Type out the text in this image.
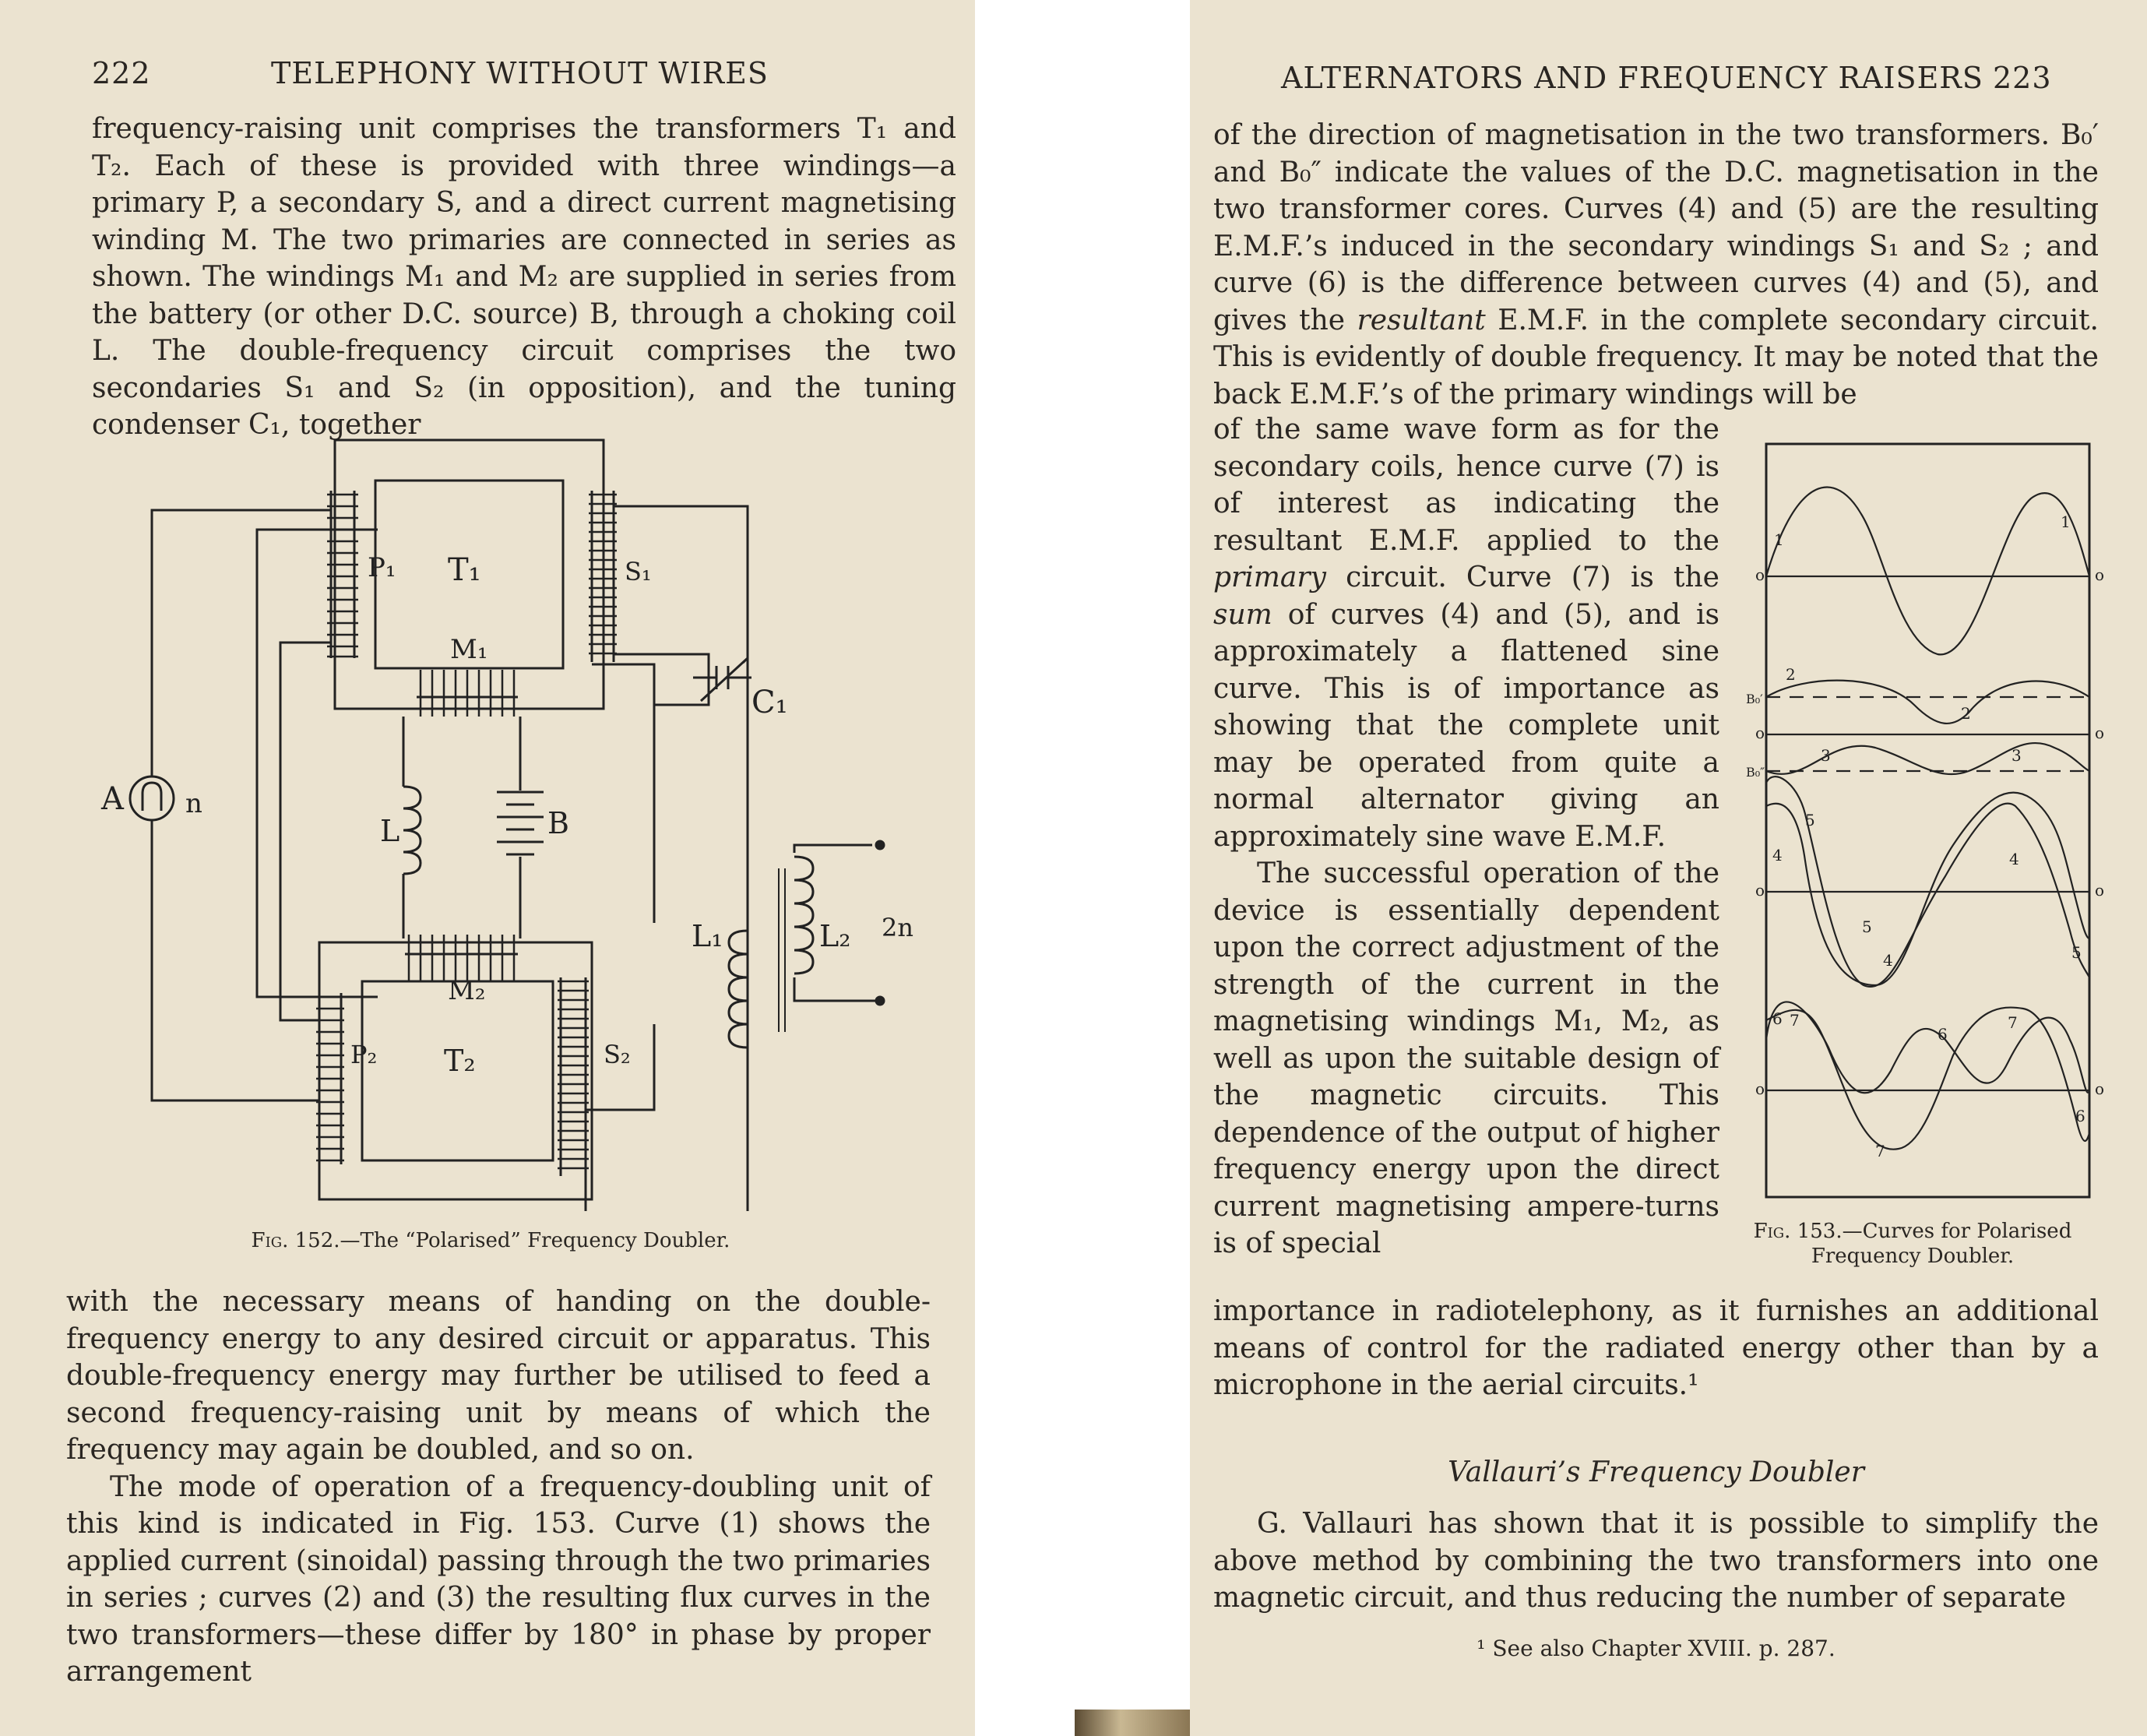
222	TELEPHONY WITHOUT WIRES

frequency-raising unit comprises the transformers T₁ and T₂. Each of these is provided with three windings—a primary P, a secondary S, and a direct current magnetising winding M. The two primaries are connected in series as shown. The windings M₁ and M₂ are supplied in series from the battery (or other D.C. source) B, through a choking coil L. The double-frequency circuit comprises the two secondaries S₁ and S₂ (in opposition), and the tuning condenser C₁, together

A n
P₁ T₁	S₁
M₁
C₁
L	B
L₁	L₂ 2n
M₂
P₂ T₂	S₂
Fig. 152.—The “Polarised” Frequency Doubler.

with the necessary means of handing on the double-frequency energy to any desired circuit or apparatus. This double-frequency energy may further be utilised to feed a second frequency-raising unit by means of which the frequency may again be doubled, and so on.

The mode of operation of a frequency-doubling unit of this kind is indicated in Fig. 153. Curve (1) shows the applied current (sinoidal) passing through the two primaries in series ; curves (2) and (3) the resulting flux curves in the two transformers—these differ by 180° in phase by proper arrangement

ALTERNATORS AND FREQUENCY RAISERS 223

of the direction of magnetisation in the two transformers. B₀′ and B₀″ indicate the values of the D.C. magnetisation in the two transformer cores. Curves (4) and (5) are the resulting E.M.F.’s induced in the secondary windings S₁ and S₂ ; and curve (6) is the difference between curves (4) and (5), and gives the resultant E.M.F. in the complete secondary circuit. This is evidently of double frequency. It may be noted that the back E.M.F.’s of the primary windings will be

of the same wave form as for the secondary coils, hence curve (7) is of interest as indicating the resultant E.M.F. applied to the primary circuit. Curve (7) is the sum of curves (4) and (5), and is approximately a flattened sine curve. This is of importance as showing that the complete unit may be operated from quite a normal alternator giving an approximately sine wave E.M.F.

The successful operation of the device is essentially dependent upon the correct adjustment of the strength of the current in the magnetising windings M₁, M₂, as well as upon the suitable design of the magnetic circuits. This dependence of the output of higher frequency energy upon the direct current magnetising ampere-turns is of special

o	o
o	o
o	o
o	o
B₀′
B₀″
1
1
2
2
3	3
4	4
4
5
5
5
6
6
6
7	7
7
Fig. 153.—Curves for Polarised Frequency Doubler.

importance in radiotelephony, as it furnishes an additional means of control for the radiated energy other than by a microphone in the aerial circuits.¹

Vallauri’s Frequency Doubler

G. Vallauri has shown that it is possible to simplify the above method by combining the two transformers into one magnetic circuit, and thus reducing the number of separate

¹ See also Chapter XVIII. p. 287.
